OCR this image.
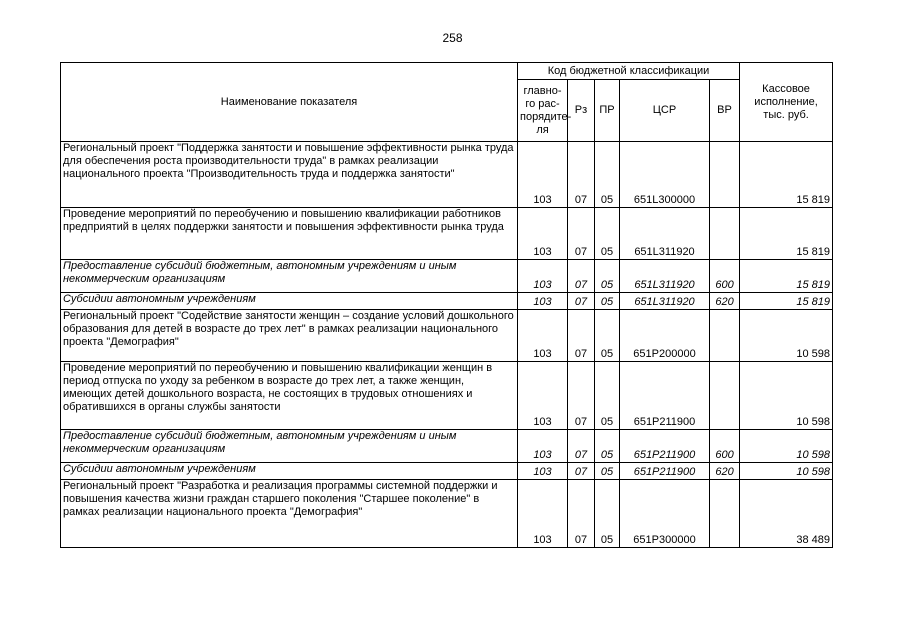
258
Наименование показателя	Код бюджетной классификации					Кассовое исполнение, тыс. руб.
	главно-го рас-порядите-ля	Рз	ПР	ЦСР	ВР	
Региональный проект "Поддержка занятости и повышение эффективности рынка труда для обеспечения роста производительности труда" в рамках реализации национального проекта "Производительность труда и поддержка занятости"	103	07	05	651L300000		15 819
Проведение мероприятий по переобучению и повышению квалификации работников предприятий в целях поддержки занятости и повышения эффективности рынка труда	103	07	05	651L311920		15 819
Предоставление субсидий бюджетным, автономным учреждениям и иным некоммерческим организациям	103	07	05	651L311920	600	15 819
Субсидии автономным учреждениям	103	07	05	651L311920	620	15 819
Региональный проект "Содействие занятости женщин – создание условий дошкольного образования для детей в возрасте до трех лет" в рамках реализации национального проекта "Демография"	103	07	05	651P200000		10 598
Проведение мероприятий по переобучению и повышению квалификации женщин в период отпуска по уходу за ребенком в возрасте до трех лет, а также женщин, имеющих детей дошкольного возраста, не состоящих в трудовых отношениях и обратившихся в органы службы занятости	103	07	05	651P211900		10 598
Предоставление субсидий бюджетным, автономным учреждениям и иным некоммерческим организациям	103	07	05	651P211900	600	10 598
Субсидии автономным учреждениям	103	07	05	651P211900	620	10 598
Региональный проект "Разработка и реализация программы системной поддержки и повышения качества жизни граждан старшего поколения "Старшее поколение" в рамках реализации национального проекта "Демография"	103	07	05	651P300000		38 489
